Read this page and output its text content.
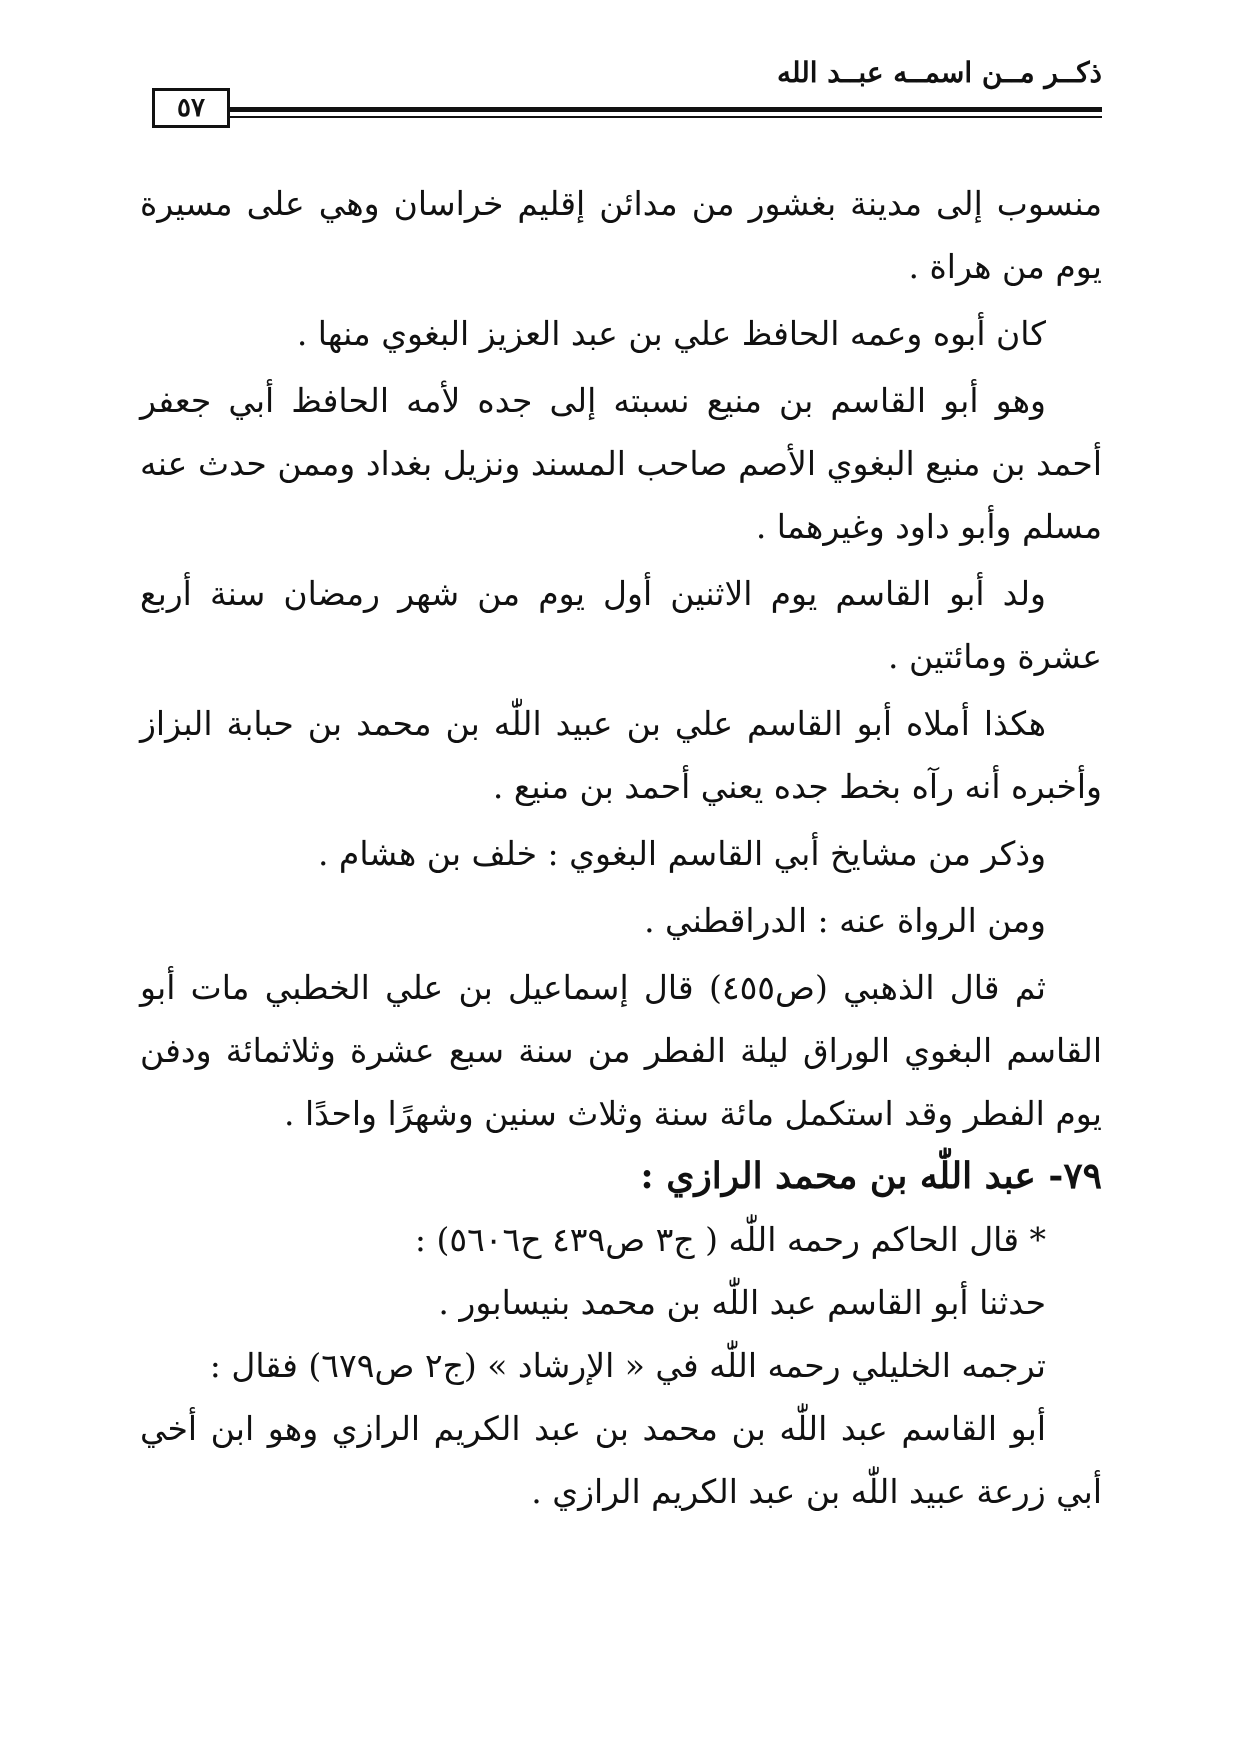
ذكــر مــن اسمــه عبــد الله
٥٧

منسوب إلى مدينة بغشور من مدائن إقليم خراسان وهي على مسيرة يوم من هراة .

كان أبوه وعمه الحافظ علي بن عبد العزيز البغوي منها .

وهو أبو القاسم بن منيع نسبته إلى جده لأمه الحافظ أبي جعفر أحمد بن منيع البغوي الأصم صاحب المسند ونزيل بغداد وممن حدث عنه مسلم وأبو داود وغيرهما .

ولد أبو القاسم يوم الاثنين أول يوم من شهر رمضان سنة أربع عشرة ومائتين .

هكذا أملاه أبو القاسم علي بن عبيد اللّٰه بن محمد بن حبابة البزاز وأخبره أنه رآه بخط جده يعني أحمد بن منيع .

وذكر من مشايخ أبي القاسم البغوي : خلف بن هشام .

ومن الرواة عنه : الدراقطني .

ثم قال الذهبي (ص٤٥٥) قال إسماعيل بن علي الخطبي مات أبو القاسم البغوي الوراق ليلة الفطر من سنة سبع عشرة وثلاثمائة ودفن يوم الفطر وقد استكمل مائة سنة وثلاث سنين وشهرًا واحدًا .

٧٩- عبد اللّٰه بن محمد الرازي :

* قال الحاكم رحمه اللّٰه ( ج٣ ص٤٣٩ ح٥٦٠٦) :

حدثنا أبو القاسم عبد اللّٰه بن محمد بنيسابور .

ترجمه الخليلي رحمه اللّٰه في « الإرشاد » (ج٢ ص٦٧٩) فقال :

أبو القاسم عبد اللّٰه بن محمد بن عبد الكريم الرازي وهو ابن أخي أبي زرعة عبيد اللّٰه بن عبد الكريم الرازي .
